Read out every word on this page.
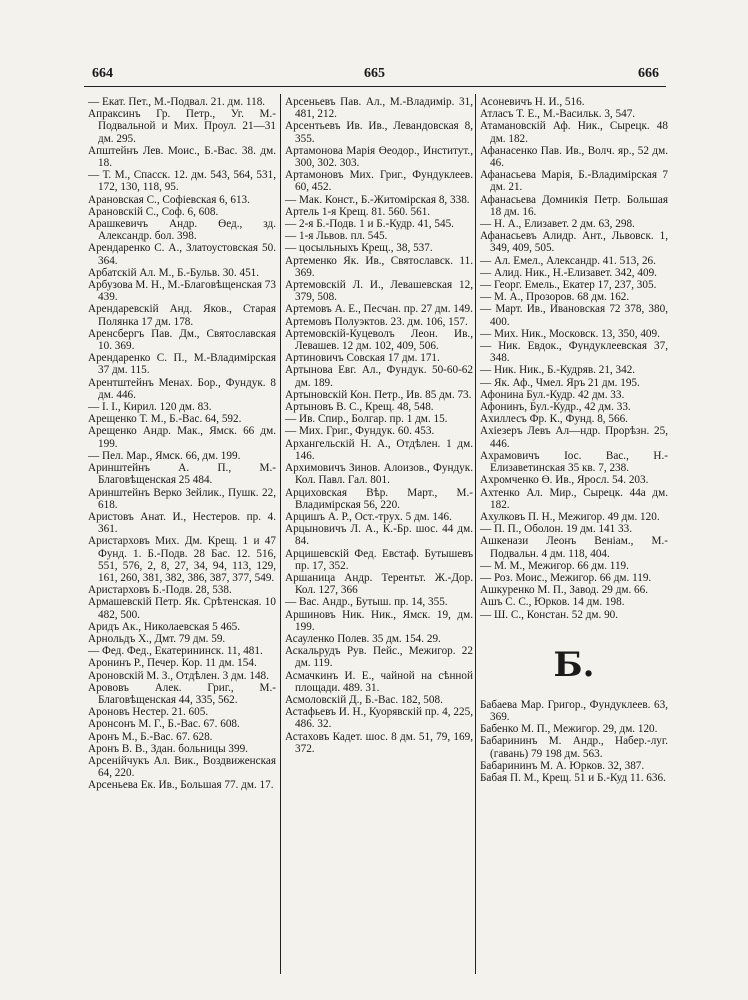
664	665	666

— Екат. Пет., М.-Подвал. 21. дм. 118.

Апраксинъ Гр. Петр., Уг. М.-Подвальной и Мих. Проул. 21—31 дм. 295.

Апштейнъ Лев. Моис., Б.-Вас. 38. дм. 18.

— Т. М., Спасск. 12. дм. 543, 564, 531, 172, 130, 118, 95.

Арановская С., Софіевская 6, 613.

Арановскій С., Соф. 6, 608.

Арашкевичъ Андр. Өед., зд. Александр. бол. 398.

Арендаренко С. А., Златоустовская 50. 364.

Арбатскій Ал. М., Б.-Бульв. 30. 451.

Арбузова М. Н., М.-Благовѣщенская 73 439.

Арендаревскій Анд. Яков., Старая Полянка 17 дм. 178.

Аренсбергъ Пав. Дм., Святославская 10. 369.

Арендаренко С. П., М.-Владимірская 37 дм. 115.

Арентштейнъ Менах. Бор., Фундук. 8 дм. 446.

— І. І., Кирил. 120 дм. 83.

Арещенко Т. М., Б.-Вас. 64, 592.

Арещенко Андр. Мак., Ямск. 66 дм. 199.

— Пел. Мар., Ямск. 66, дм. 199.

Аринштейнъ А. П., М.-Благовѣщенская 25 484.

Аринштейнъ Верко Зейлик., Пушк. 22, 618.

Аристовъ Анат. И., Нестеров. пр. 4. 361.

Аристарховъ Мих. Дм. Крещ. 1 и 47 Фунд. 1. Б.-Подв. 28 Бас. 12. 516, 551, 576, 2, 8, 27, 34, 94, 113, 129, 161, 260, 381, 382, 386, 387, 377, 549.

Аристарховъ Б.-Подв. 28, 538.

Армашевскій Петр. Як. Срѣтенская. 10 482, 500.

Аридъ Ак., Николаевская 5 465.

Арнольдъ Х., Дмт. 79 дм. 59.

— Фед. Фед., Екатерининск. 11, 481.

Аронинъ Р., Печер. Кор. 11 дм. 154.

Ароновскій М. З., Отдѣлен. 3 дм. 148.

Арововъ Алек. Григ., М.-Благовѣщенская 44, 335, 562.

Ароновъ Нестер. 21. 605.

Аронсонъ М. Г., Б.-Вас. 67. 608.

Аронъ М., Б.-Вас. 67. 628.

Аронъ В. В., Здан. больницы 399.

Арсенійчукъ Ал. Вик., Воздвиженская 64, 220.

Арсеньева Ек. Ив., Большая 77. дм. 17.

Арсеньевъ Пав. Ал., М.-Владимір. 31, 481, 212.

Арсентьевъ Ив. Ив., Левандовская 8, 355.

Артамонова Марія Өеодор., Институт., 300, 302. 303.

Артамоновъ Мих. Григ., Фундуклеев. 60, 452.

— Мак. Конст., Б.-Житомірская 8, 338.

Артель 1-я Крещ. 81. 560. 561.

— 2-я Б.-Подв. 1 и Б.-Кудр. 41, 545.

— 1-я Львов. пл. 545.

— цосыльныхъ Крещ., 38, 537.

Артеменко Як. Ив., Святославск. 11. 369.

Артемовскій Л. И., Левашевская 12, 379, 508.

Артемовъ А. Е., Песчан. пр. 27 дм. 149.

Артемовъ Полуэктов. 23. дм. 106, 157.

Артемовскій-Куцеволъ Леон. Ив., Левашев. 12 дм. 102, 409, 506.

Артиновичъ Совская 17 дм. 171.

Артынова Евг. Ал., Фундук. 50-60-62 дм. 189.

Артыновскій Кон. Петр., Ив. 85 дм. 73.

Артыновъ В. С., Крещ. 48, 548.

— Ив. Спир., Болгар. пр. 1 дм. 15.

— Мих. Григ., Фундук. 60. 453.

Архангельскій Н. А., Отдѣлен. 1 дм. 146.

Архимовичъ Зинов. Алоизов., Фундук. Кол. Павл. Гал. 801.

Арциховская Вѣр. Март., М.-Владимірская 56, 220.

Арцишъ А. Р., Ост.-трух. 5 дм. 146.

Арцыновичъ Л. А., К.-Бр. шос. 44 дм. 84.

Арцишевскій Фед. Евстаф. Бутышевъ пр. 17, 352.

Аршаница Андр. Терентьт. Ж.-Дор. Кол. 127, 366

— Вас. Андр., Бутыш. пр. 14, 355.

Аршиновъ Ник. Ник., Ямск. 19, дм. 199.

Асауленко Полев. 35 дм. 154. 29.

Аскальрудъ Рув. Пейс., Межигор. 22 дм. 119.

Асмачкинъ И. Е., чайной на сѣнной площади. 489. 31.

Асмоловскій Д., Б.-Вас. 182, 508.

Астафьевъ И. Н., Куорявскій пр. 4, 225, 486. 32.

Астаховъ Кадет. шос. 8 дм. 51, 79, 169, 372.

Асоневичъ Н. И., 516.

Атласъ Т. Е., М.-Васильк. 3, 547.

Атамановскій Аф. Ник., Сырецк. 48 дм. 182.

Афанасенко Пав. Ив., Волч. яр., 52 дм. 46.

Афанасьева Марія, Б.-Владимірская 7 дм. 21.

Афанасьева Домникія Петр. Большая 18 дм. 16.

— Н. А., Елизавет. 2 дм. 63, 298.

Афанасьевъ Алидр. Ант., Львовск. 1, 349, 409, 505.

— Ал. Емел., Александр. 41. 513, 26.

— Алид. Ник., Н.-Елизавет. 342, 409.

— Георг. Емель., Екатер 17, 237, 305.

— М. А., Прозоров. 68 дм. 162.

— Март. Ив., Ивановская 72 378, 380, 400.

— Мих. Ник., Московск. 13, 350, 409.

— Ник. Евдок., Фундуклеевская 37, 348.

— Ник. Ник., Б.-Кудряв. 21, 342.

— Як. Аф., Чмел. Яръ 21 дм. 195.

Афонина Бул.-Кудр. 42 дм. 33.

Афонинъ, Бул.-Кудр., 42 дм. 33.

Ахиллесъ Фр. К., Фунд. 8, 566.

Ахіезеръ Левъ Ал—ндр. Прорѣзн. 25, 446.

Ахрамовичъ Іос. Вас., Н.-Елизаветинская 35 кв. 7, 238.

Ахромченко Ө. Ив., Яросл. 54. 203.

Ахтенко Ал. Мир., Сырецк. 44а дм. 182.

Ахулковъ П. Н., Межигор. 49 дм. 120.

— П. П., Оболон. 19 дм. 141 33.

Ашкенази Леонъ Веніам., М.-Подвальн. 4 дм. 118, 404.

— М. М., Межигор. 66 дм. 119.

— Роз. Моис., Межигор. 66 дм. 119.

Ашкуренко М. П., Завод. 29 дм. 66.

Ашъ С. С., Юрков. 14 дм. 198.

— Ш. С., Констан. 52 дм. 90.

Б.

Бабаева Мар. Григор., Фундуклеев. 63, 369.

Бабенко М. П., Межигор. 29, дм. 120.

Бабарининъ М. Андр., Набер.-луг. (гавань) 79 198 дм. 563.

Бабарининъ М. А. Юрков. 32, 387.

Бабая П. М., Крещ. 51 и Б.-Куд 11. 636.
